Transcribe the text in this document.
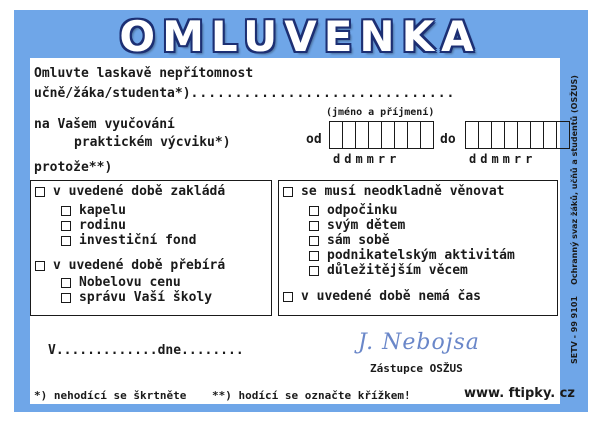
OMLUVENKA
SETV - 99 9101    Ochranný svaz žáků, učňů a studentů (OSŽUS)
Omluvte laskavě nepřítomnost
učně/žáka/studenta*)..............................
(jméno a příjmení)
na Vašem vyučování
praktickém výcviku*)	od
ddmmrr
do
ddmmrr
protože**)
v uvedené době zakládá
kapelu
rodinu
investiční fond
v uvedené době přebírá
Nobelovu cenu
správu Vaší školy
se musí neodkladně věnovat
odpočinku
svým dětem
sám sobě
podnikatelským aktivitám
důležitějším věcem
v uvedené době nemá čas
V.............dne........	J. Nebojsa
Zástupce OSŽUS
*) nehodící se škrtněte **) hodící se označte křížkem!	www. ftipky. cz
